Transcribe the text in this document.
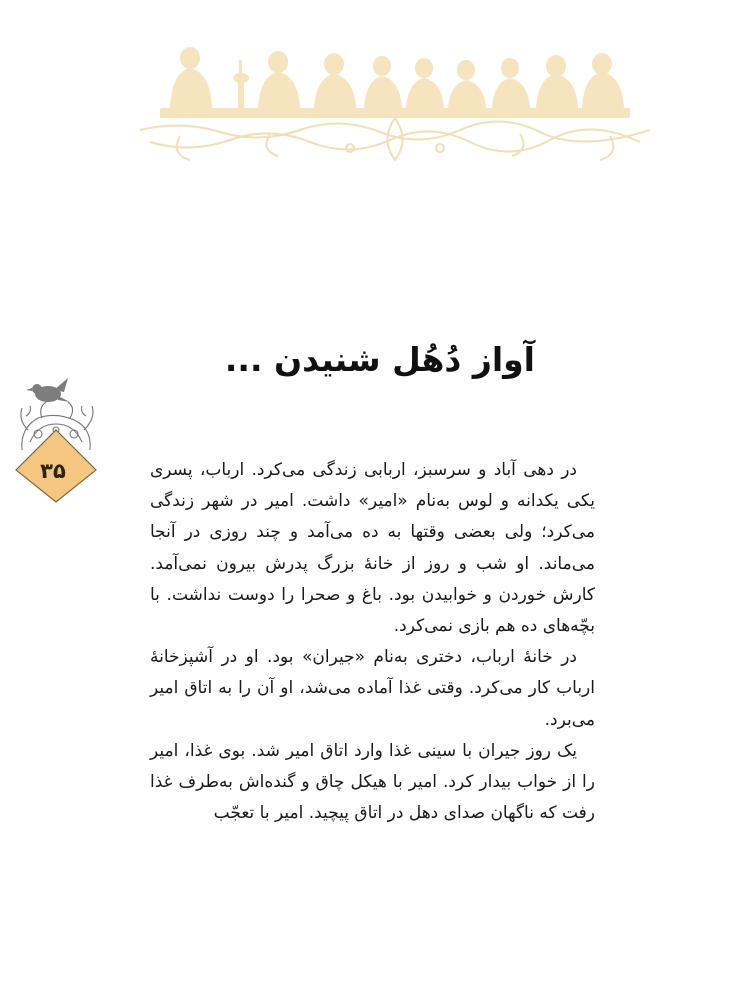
آواز دُهُل شنیدن ...
۳۵	در دهی آباد و سرسبز، اربابی زندگی می‌کرد. ارباب، پسری یکی یکدانه و لوس به‌نام «امیر» داشت. امیر در شهر زندگی می‌کرد؛ ولی بعضی وقتها به ده می‌آمد و چند روزی در آنجا می‌ماند. او شب و روز از خانهٔ بزرگ پدرش بیرون نمی‌آمد. کارش خوردن و خوابیدن بود. باغ و صحرا را دوست نداشت. با بچّه‌های ده هم بازی نمی‌کرد.

در خانهٔ ارباب، دختری به‌نام «جیران» بود. او در آشپزخانهٔ ارباب کار می‌کرد. وقتی غذا آماده می‌شد، او آن را به اتاق امیر می‌برد.

یک روز جیران با سینی غذا وارد اتاق امیر شد. بوی غذا، امیر را از خواب بیدار کرد. امیر با هیکل چاق و گنده‌اش به‌طرف غذا رفت که ناگهان صدای دهل در اتاق پیچید. امیر با تعجّب
